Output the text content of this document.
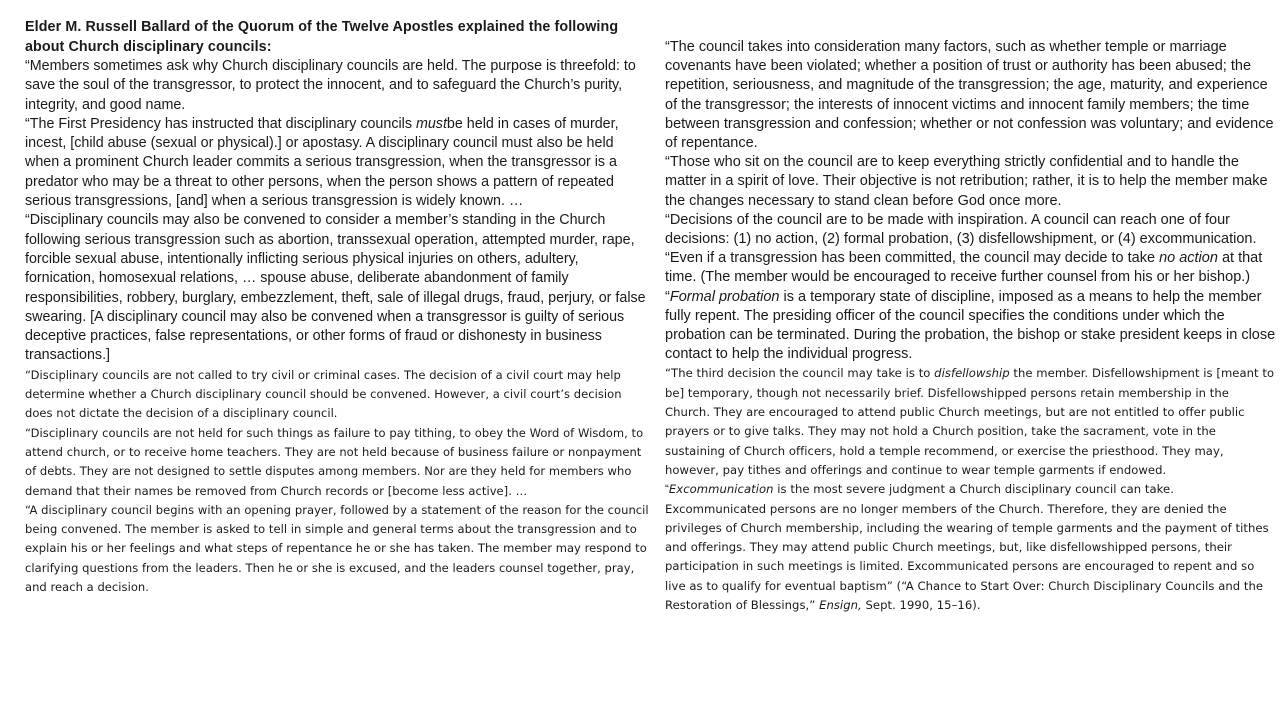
Elder M. Russell Ballard of the Quorum of the Twelve Apostles explained the following about Church disciplinary councils:

“Members sometimes ask why Church disciplinary councils are held. The purpose is threefold: to save the soul of the transgressor, to protect the innocent, and to safeguard the Church’s purity, integrity, and good name.

“The First Presidency has instructed that disciplinary councils mustbe held in cases of murder, incest, [child abuse (sexual or physical).] or apostasy. A disciplinary council must also be held when a prominent Church leader commits a serious transgression, when the transgressor is a predator who may be a threat to other persons, when the person shows a pattern of repeated serious transgressions, [and] when a serious transgression is widely known. …

“Disciplinary councils may also be convened to consider a member’s standing in the Church following serious transgression such as abortion, transsexual operation, attempted murder, rape, forcible sexual abuse, intentionally inflicting serious physical injuries on others, adultery, fornication, homosexual relations, … spouse abuse, deliberate abandonment of family responsibilities, robbery, burglary, embezzlement, theft, sale of illegal drugs, fraud, perjury, or false swearing. [A disciplinary council may also be convened when a transgressor is guilty of serious deceptive practices, false representations, or other forms of fraud or dishonesty in business transactions.]

“Disciplinary councils are not called to try civil or criminal cases. The decision of a civil court may help determine whether a Church disciplinary council should be convened. However, a civil court’s decision does not dictate the decision of a disciplinary council.

“Disciplinary councils are not held for such things as failure to pay tithing, to obey the Word of Wisdom, to attend church, or to receive home teachers. They are not held because of business failure or nonpayment of debts. They are not designed to settle disputes among members. Nor are they held for members who demand that their names be removed from Church records or [become less active]. …

“A disciplinary council begins with an opening prayer, followed by a statement of the reason for the council being convened. The member is asked to tell in simple and general terms about the transgression and to explain his or her feelings and what steps of repentance he or she has taken. The member may respond to clarifying questions from the leaders. Then he or she is excused, and the leaders counsel together, pray, and reach a decision.

“The council takes into consideration many factors, such as whether temple or marriage covenants have been violated; whether a position of trust or authority has been abused; the repetition, seriousness, and magnitude of the transgression; the age, maturity, and experience of the transgressor; the interests of innocent victims and innocent family members; the time between transgression and confession; whether or not confession was voluntary; and evidence of repentance.

“Those who sit on the council are to keep everything strictly confidential and to handle the matter in a spirit of love. Their objective is not retribution; rather, it is to help the member make the changes necessary to stand clean before God once more.

“Decisions of the council are to be made with inspiration. A council can reach one of four decisions: (1) no action, (2) formal probation, (3) disfellowshipment, or (4) excommunication.

“Even if a transgression has been committed, the council may decide to take no action at that time. (The member would be encouraged to receive further counsel from his or her bishop.)

“Formal probation is a temporary state of discipline, imposed as a means to help the member fully repent. The presiding officer of the council specifies the conditions under which the probation can be terminated. During the probation, the bishop or stake president keeps in close contact to help the individual progress.

“The third decision the council may take is to disfellowship the member. Disfellowshipment is [meant to be] temporary, though not necessarily brief. Disfellowshipped persons retain membership in the Church. They are encouraged to attend public Church meetings, but are not entitled to offer public prayers or to give talks. They may not hold a Church position, take the sacrament, vote in the sustaining of Church officers, hold a temple recommend, or exercise the priesthood. They may, however, pay tithes and offerings and continue to wear temple garments if endowed.

“Excommunication is the most severe judgment a Church disciplinary council can take. Excommunicated persons are no longer members of the Church. Therefore, they are denied the privileges of Church membership, including the wearing of temple garments and the payment of tithes and offerings. They may attend public Church meetings, but, like disfellowshipped persons, their participation in such meetings is limited. Excommunicated persons are encouraged to repent and so live as to qualify for eventual baptism” (“A Chance to Start Over: Church Disciplinary Councils and the Restoration of Blessings,” Ensign, Sept. 1990, 15–16).
